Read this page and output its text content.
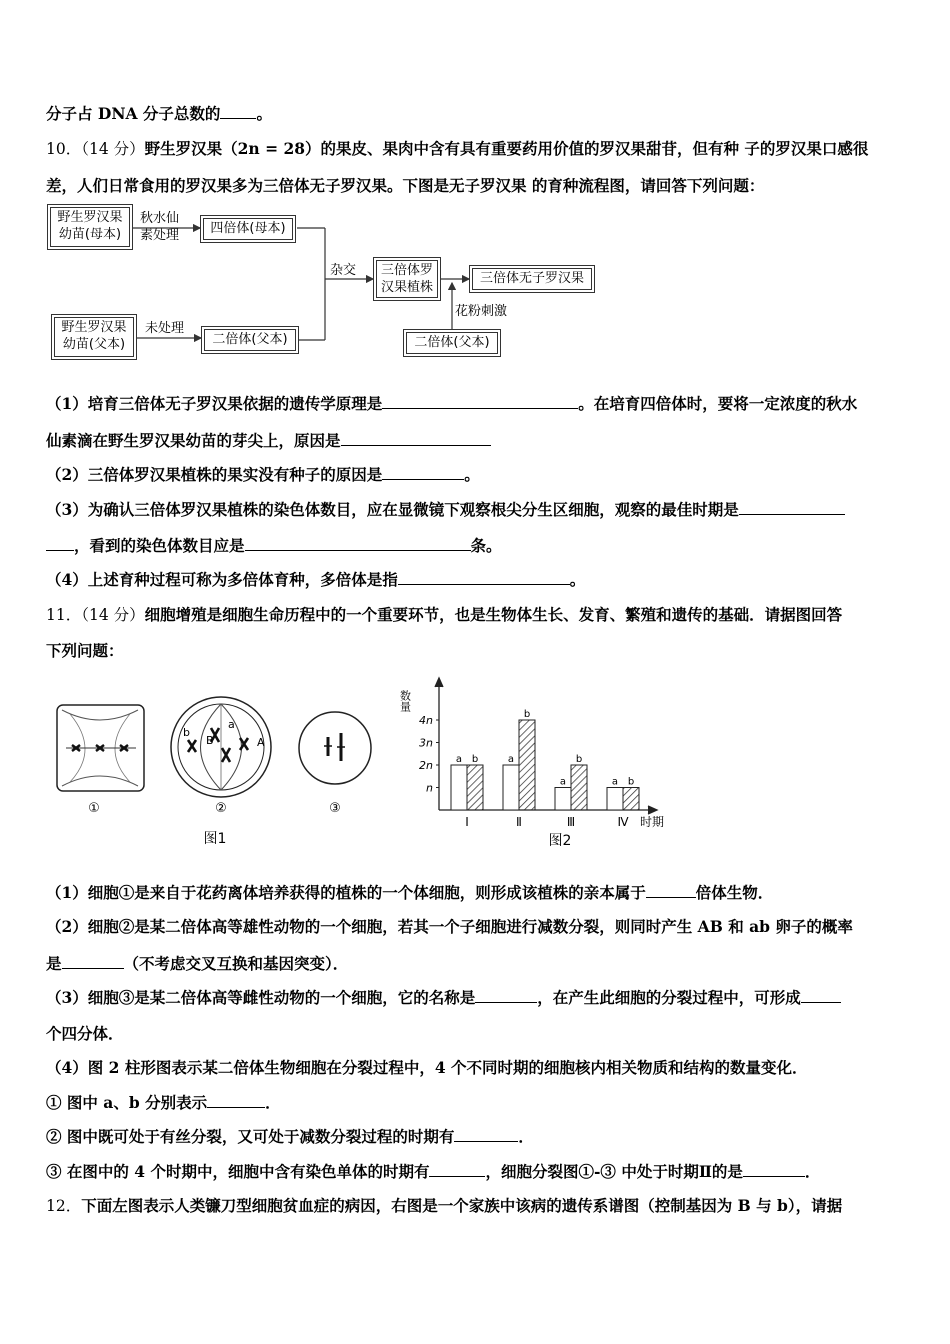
分子占 DNA 分子总数的 。
10．（14 分）野生罗汉果（2n = 28）的果皮、果肉中含有具有重要药用价值的罗汉果甜苷，但有种 子的罗汉果口感很
差，人们日常食用的罗汉果多为三倍体无子罗汉果。下图是无子罗汉果 的育种流程图，请回答下列问题：
野生罗汉果
幼苗(母本)
秋水仙
素处理	四倍体(母本)
杂交	三倍体罗
汉果植株
三倍体无子罗汉果
野生罗汉果
幼苗(父本)
未处理
二倍体(父本)
花粉刺激
二倍体(父本)
（1）培育三倍体无子罗汉果依据的遗传学原理是	。在培育四倍体时，要将一定浓度的秋水
仙素滴在野生罗汉果幼苗的芽尖上，原因是
（2）三倍体罗汉果植株的果实没有种子的原因是	。
（3）为确认三倍体罗汉果植株的染色体数目，应在显微镜下观察根尖分生区细胞，观察的最佳时期是
，看到的染色体数目应是	条。
（4）上述育种过程可称为多倍体育种，多倍体是指	。
11．（14 分）细胞增殖是细胞生命历程中的一个重要环节，也是生物体生长、发育、繁殖和遗传的基础．请据图回答
下列问题：
①
b
B
a
A
②	③
图1
数量
时期
图2
n
2n
3n
4n
a b
Ⅰ
a
b
Ⅱ
a
b
Ⅲ
a b
Ⅳ
（1）细胞①是来自于花药离体培养获得的植株的一个体细胞，则形成该植株的亲本属于	倍体生物．
（2）细胞②是某二倍体高等雄性动物的一个细胞，若其一个子细胞进行减数分裂，则同时产生 AB 和 ab 卵子的概率
是	（不考虑交叉互换和基因突变）．
（3）细胞③是某二倍体高等雌性动物的一个细胞，它的名称是	，在产生此细胞的分裂过程中，可形成
个四分体．
（4）图 2 柱形图表示某二倍体生物细胞在分裂过程中，4 个不同时期的细胞核内相关物质和结构的数量变化．
① 图中 a、b 分别表示	．
② 图中既可处于有丝分裂，又可处于减数分裂过程的时期有	．
③ 在图中的 4 个时期中，细胞中含有染色单体的时期有	，细胞分裂图①-③ 中处于时期Ⅱ的是	．
12．下面左图表示人类镰刀型细胞贫血症的病因，右图是一个家族中该病的遗传系谱图（控制基因为 B 与 b），请据
